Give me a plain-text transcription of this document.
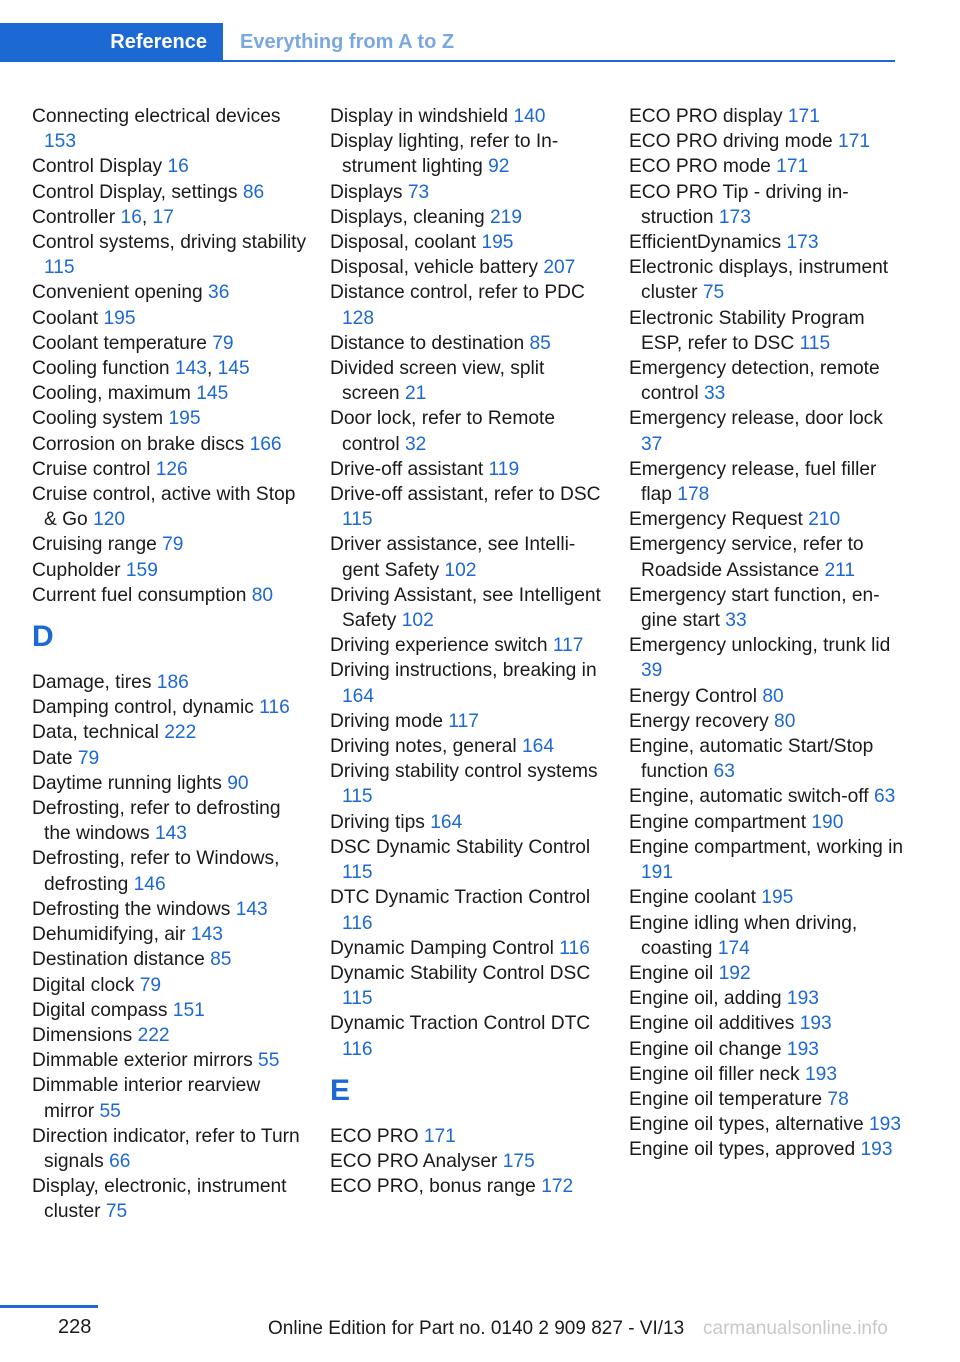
Reference	Everything from A to Z
Connecting electrical devices 153
Control Display 16
Control Display, settings 86
Controller 16, 17
Control systems, driving stability 115
Convenient opening 36
Coolant 195
Coolant temperature 79
Cooling function 143, 145
Cooling, maximum 145
Cooling system 195
Corrosion on brake discs 166
Cruise control 126
Cruise control, active with Stop & Go 120
Cruising range 79
Cupholder 159
Current fuel consumption 80
D
Damage, tires 186
Damping control, dynamic 116
Data, technical 222
Date 79
Daytime running lights 90
Defrosting, refer to defrosting the windows 143
Defrosting, refer to Windows, defrosting 146
Defrosting the windows 143
Dehumidifying, air 143
Destination distance 85
Digital clock 79
Digital compass 151
Dimensions 222
Dimmable exterior mirrors 55
Dimmable interior rearview mirror 55
Direction indicator, refer to Turn signals 66
Display, electronic, instrument cluster 75
Display in windshield 140
Display lighting, refer to Instrument lighting 92
Displays 73
Displays, cleaning 219
Disposal, coolant 195
Disposal, vehicle battery 207
Distance control, refer to PDC 128
Distance to destination 85
Divided screen view, split screen 21
Door lock, refer to Remote control 32
Drive-off assistant 119
Drive-off assistant, refer to DSC 115
Driver assistance, see Intelligent Safety 102
Driving Assistant, see Intelligent Safety 102
Driving experience switch 117
Driving instructions, breaking in 164
Driving mode 117
Driving notes, general 164
Driving stability control systems 115
Driving tips 164
DSC Dynamic Stability Control 115
DTC Dynamic Traction Control 116
Dynamic Damping Control 116
Dynamic Stability Control DSC 115
Dynamic Traction Control DTC 116
E
ECO PRO 171
ECO PRO Analyser 175
ECO PRO, bonus range 172
ECO PRO display 171
ECO PRO driving mode 171
ECO PRO mode 171
ECO PRO Tip - driving instruction 173
EfficientDynamics 173
Electronic displays, instrument cluster 75
Electronic Stability Program ESP, refer to DSC 115
Emergency detection, remote control 33
Emergency release, door lock 37
Emergency release, fuel filler flap 178
Emergency Request 210
Emergency service, refer to Roadside Assistance 211
Emergency start function, engine start 33
Emergency unlocking, trunk lid 39
Energy Control 80
Energy recovery 80
Engine, automatic Start/Stop function 63
Engine, automatic switch-off 63
Engine compartment 190
Engine compartment, working in 191
Engine coolant 195
Engine idling when driving, coasting 174
Engine oil 192
Engine oil, adding 193
Engine oil additives 193
Engine oil change 193
Engine oil filler neck 193
Engine oil temperature 78
Engine oil types, alternative 193
Engine oil types, approved 193
228	Online Edition for Part no. 0140 2 909 827 - VI/13 carmanualsonline.info
